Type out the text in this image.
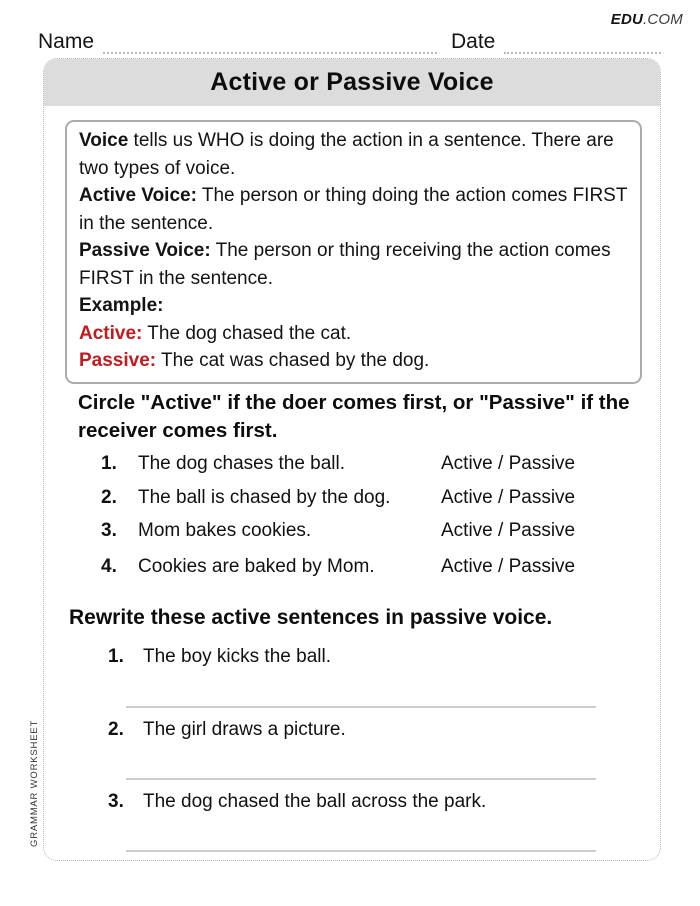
EDU.COM
Name	Date
Active or Passive Voice
Voice tells us WHO is doing the action in a sentence. There are two types of voice.
Active Voice: The person or thing doing the action comes FIRST in the sentence.
Passive Voice: The person or thing receiving the action comes FIRST in the sentence.
Example:
Active: The dog chased the cat.
Passive: The cat was chased by the dog.
Circle "Active" if the doer comes first, or "Passive" if the receiver comes first.
1. The dog chases the ball.	Active / Passive
2. The ball is chased by the dog.	Active / Passive
3. Mom bakes cookies.	Active / Passive
4. Cookies are baked by Mom.	Active / Passive
Rewrite these active sentences in passive voice.
1. The boy kicks the ball.
2. The girl draws a picture.
3. The dog chased the ball across the park.
GRAMMAR WORKSHEET
